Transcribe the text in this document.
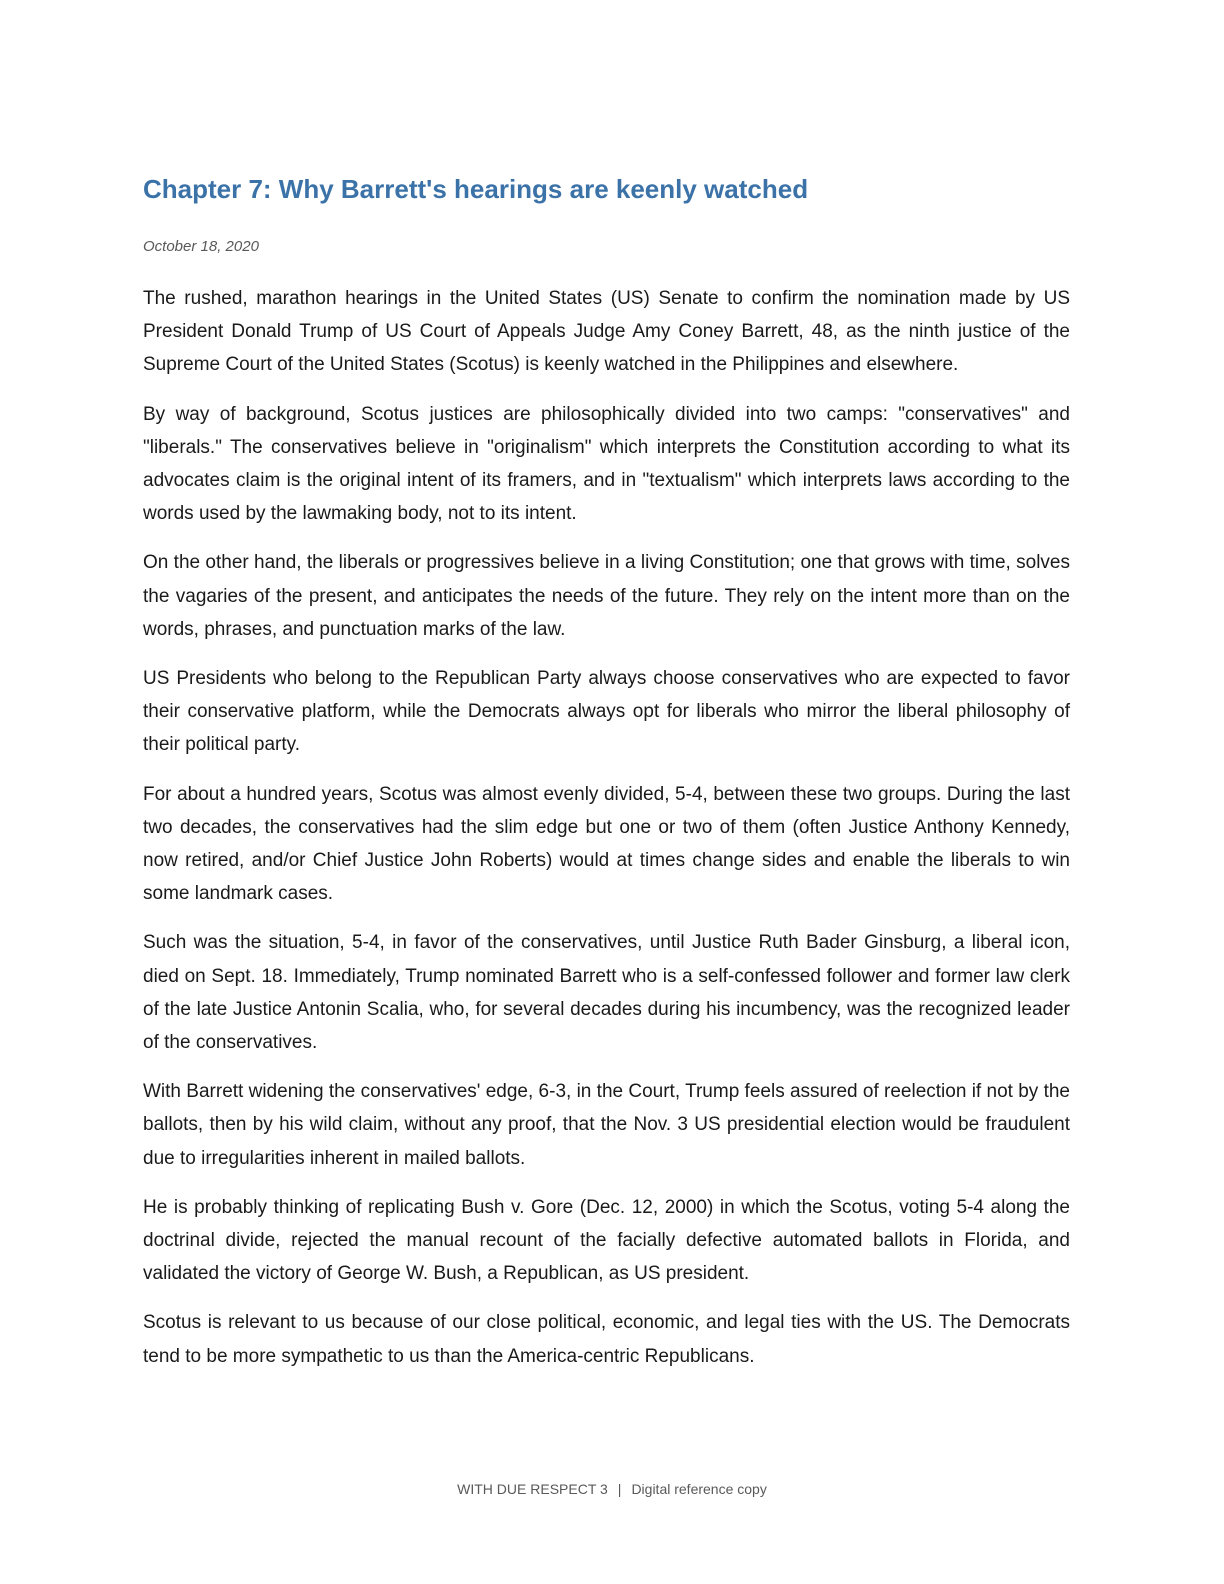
Chapter 7: Why Barrett's hearings are keenly watched
October 18, 2020

The rushed, marathon hearings in the United States (US) Senate to confirm the nomination made by US President Donald Trump of US Court of Appeals Judge Amy Coney Barrett, 48, as the ninth justice of the Supreme Court of the United States (Scotus) is keenly watched in the Philippines and elsewhere.

By way of background, Scotus justices are philosophically divided into two camps: "conservatives" and "liberals." The conservatives believe in "originalism" which interprets the Constitution according to what its advocates claim is the original intent of its framers, and in "textualism" which interprets laws according to the words used by the lawmaking body, not to its intent.

On the other hand, the liberals or progressives believe in a living Constitution; one that grows with time, solves the vagaries of the present, and anticipates the needs of the future. They rely on the intent more than on the words, phrases, and punctuation marks of the law.

US Presidents who belong to the Republican Party always choose conservatives who are expected to favor their conservative platform, while the Democrats always opt for liberals who mirror the liberal philosophy of their political party.

For about a hundred years, Scotus was almost evenly divided, 5-4, between these two groups. During the last two decades, the conservatives had the slim edge but one or two of them (often Justice Anthony Kennedy, now retired, and/or Chief Justice John Roberts) would at times change sides and enable the liberals to win some landmark cases.

Such was the situation, 5-4, in favor of the conservatives, until Justice Ruth Bader Ginsburg, a liberal icon, died on Sept. 18. Immediately, Trump nominated Barrett who is a self-confessed follower and former law clerk of the late Justice Antonin Scalia, who, for several decades during his incumbency, was the recognized leader of the conservatives.

With Barrett widening the conservatives' edge, 6-3, in the Court, Trump feels assured of reelection if not by the ballots, then by his wild claim, without any proof, that the Nov. 3 US presidential election would be fraudulent due to irregularities inherent in mailed ballots.

He is probably thinking of replicating Bush v. Gore (Dec. 12, 2000) in which the Scotus, voting 5-4 along the doctrinal divide, rejected the manual recount of the facially defective automated ballots in Florida, and validated the victory of George W. Bush, a Republican, as US president.

Scotus is relevant to us because of our close political, economic, and legal ties with the US. The Democrats tend to be more sympathetic to us than the America-centric Republicans.

WITH DUE RESPECT 3 | Digital reference copy
